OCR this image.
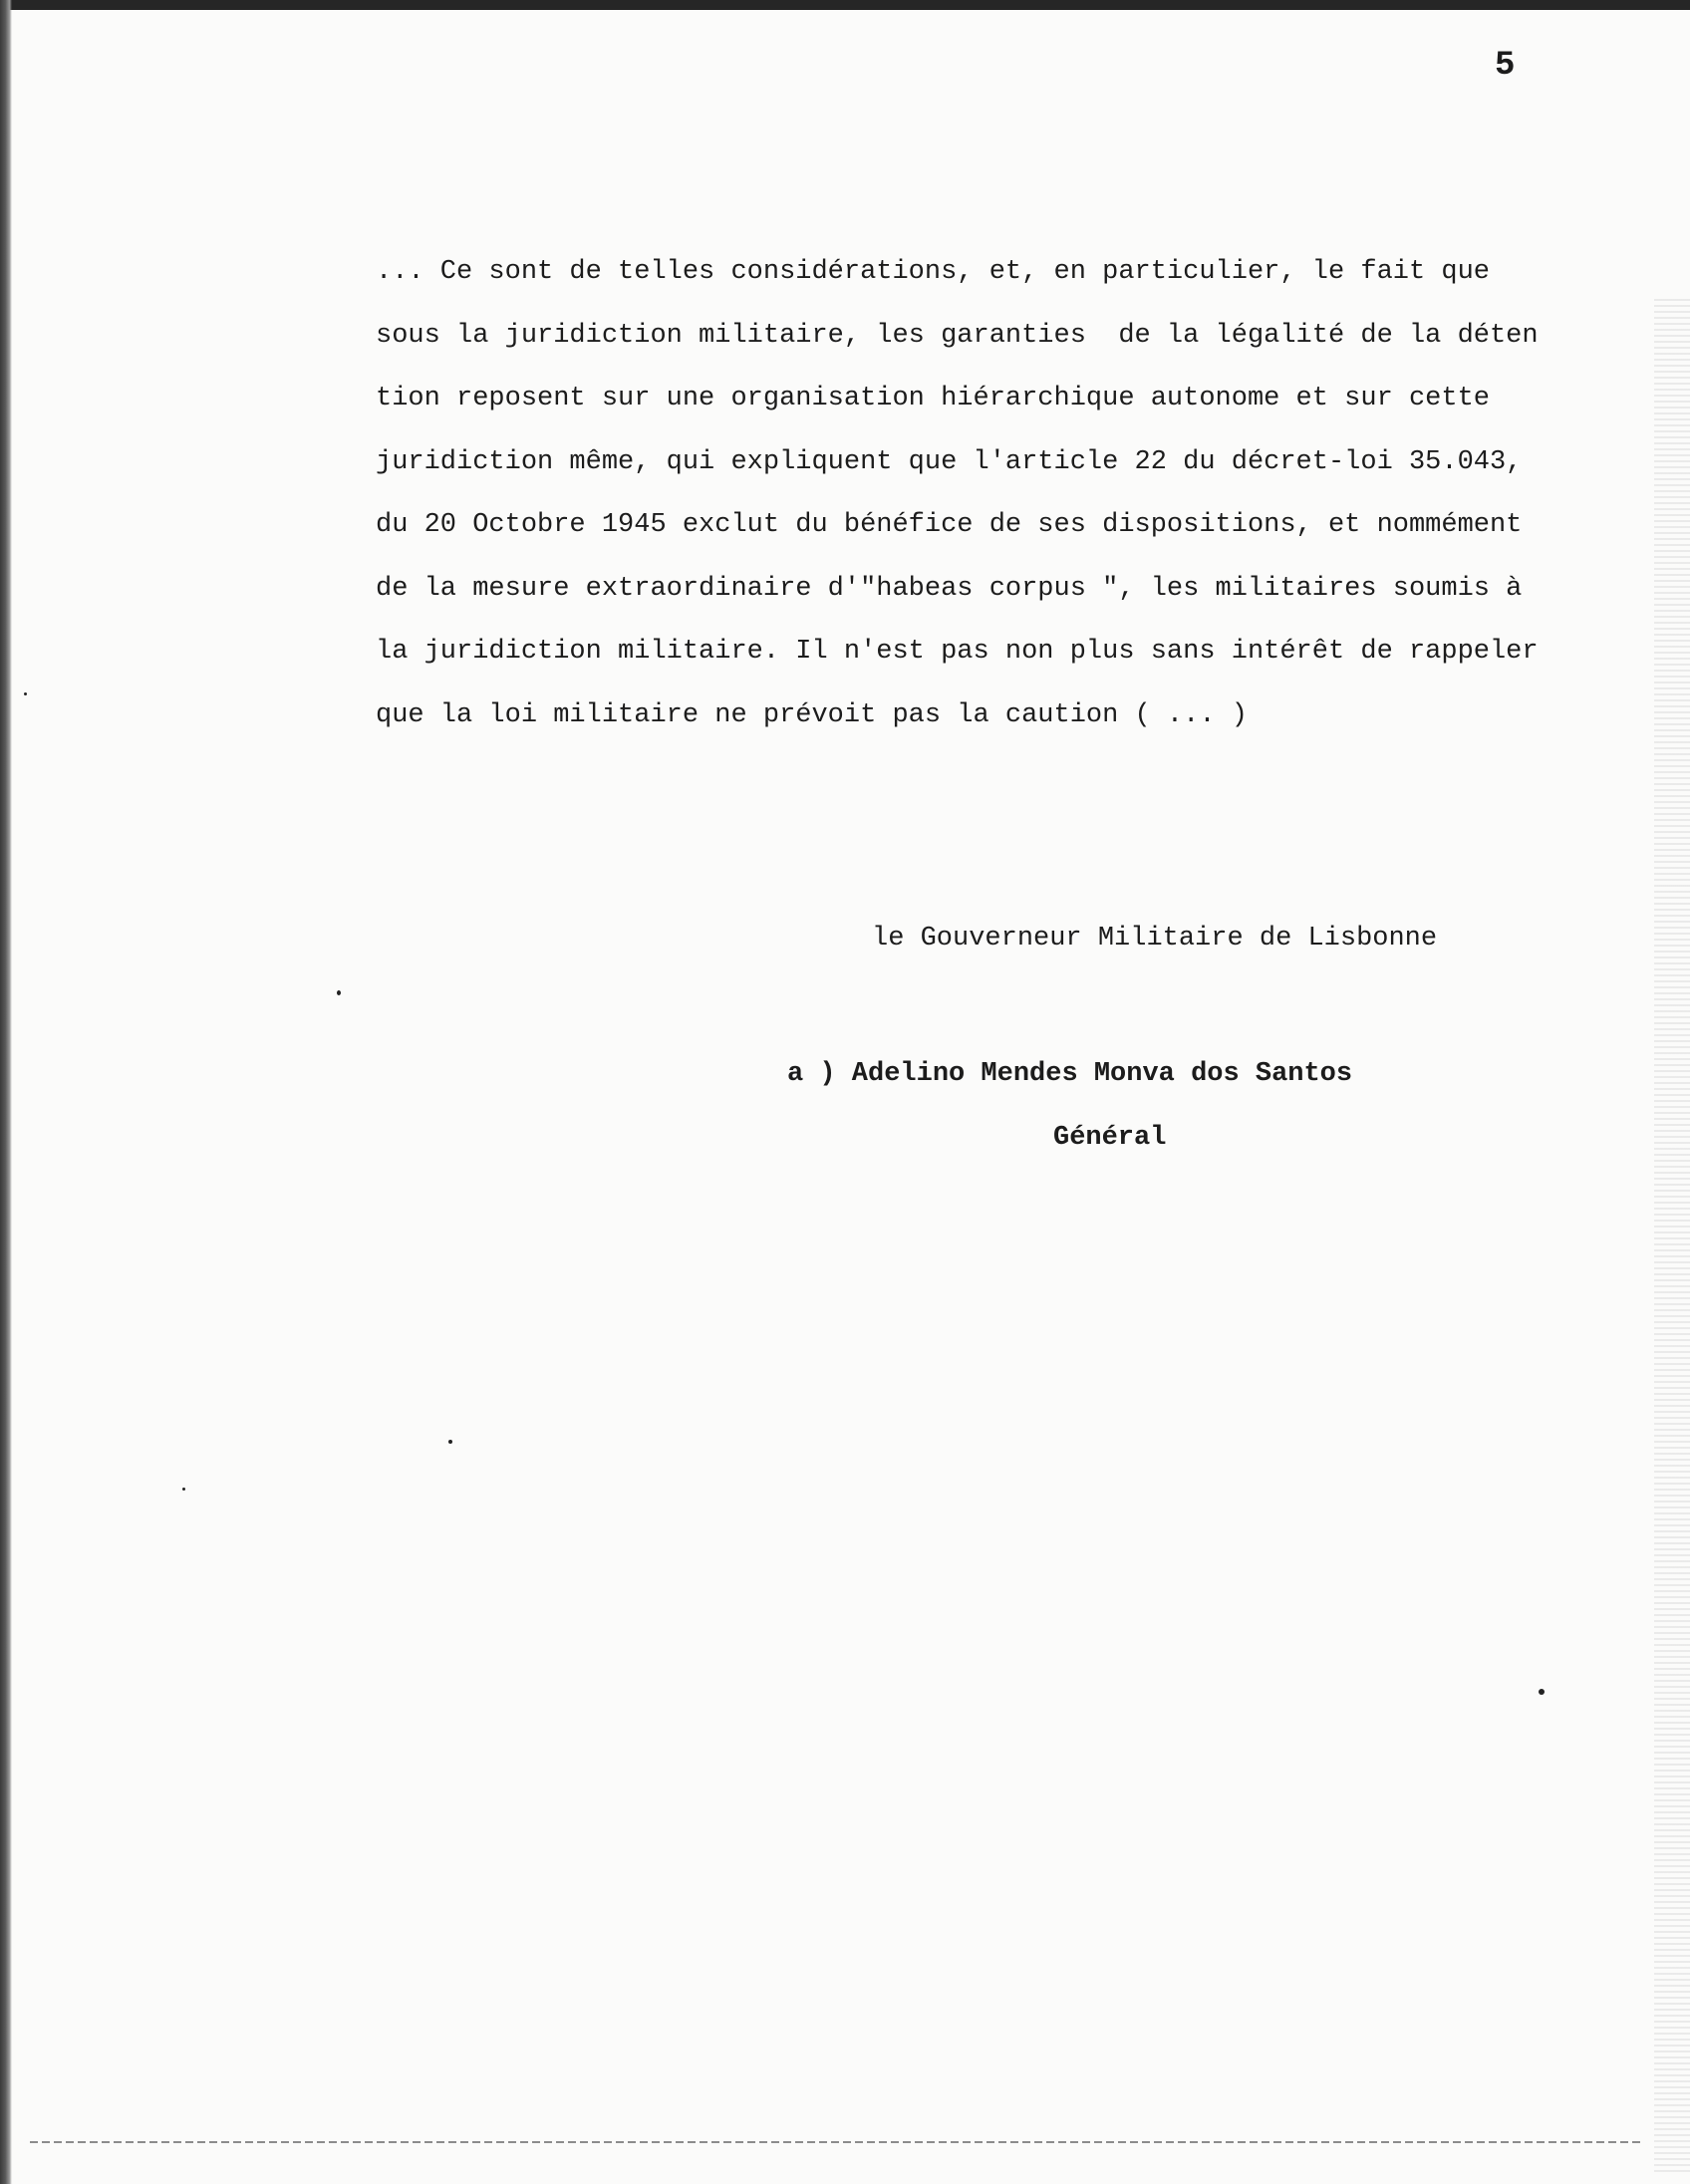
5

... Ce sont de telles considérations, et, en particulier, le fait que
sous la juridiction militaire, les garanties  de la légalité de la déten
tion reposent sur une organisation hiérarchique autonome et sur cette
juridiction même, qui expliquent que l'article 22 du décret-loi 35.043,
du 20 Octobre 1945 exclut du bénéfice de ses dispositions, et nommément
de la mesure extraordinaire d'"habeas corpus ", les militaires soumis à
la juridiction militaire. Il n'est pas non plus sans intérêt de rappeler
que la loi militaire ne prévoit pas la caution ( ... )

le Gouverneur Militaire de Lisbonne
a ) Adelino Mendes Monva dos Santos
Général
